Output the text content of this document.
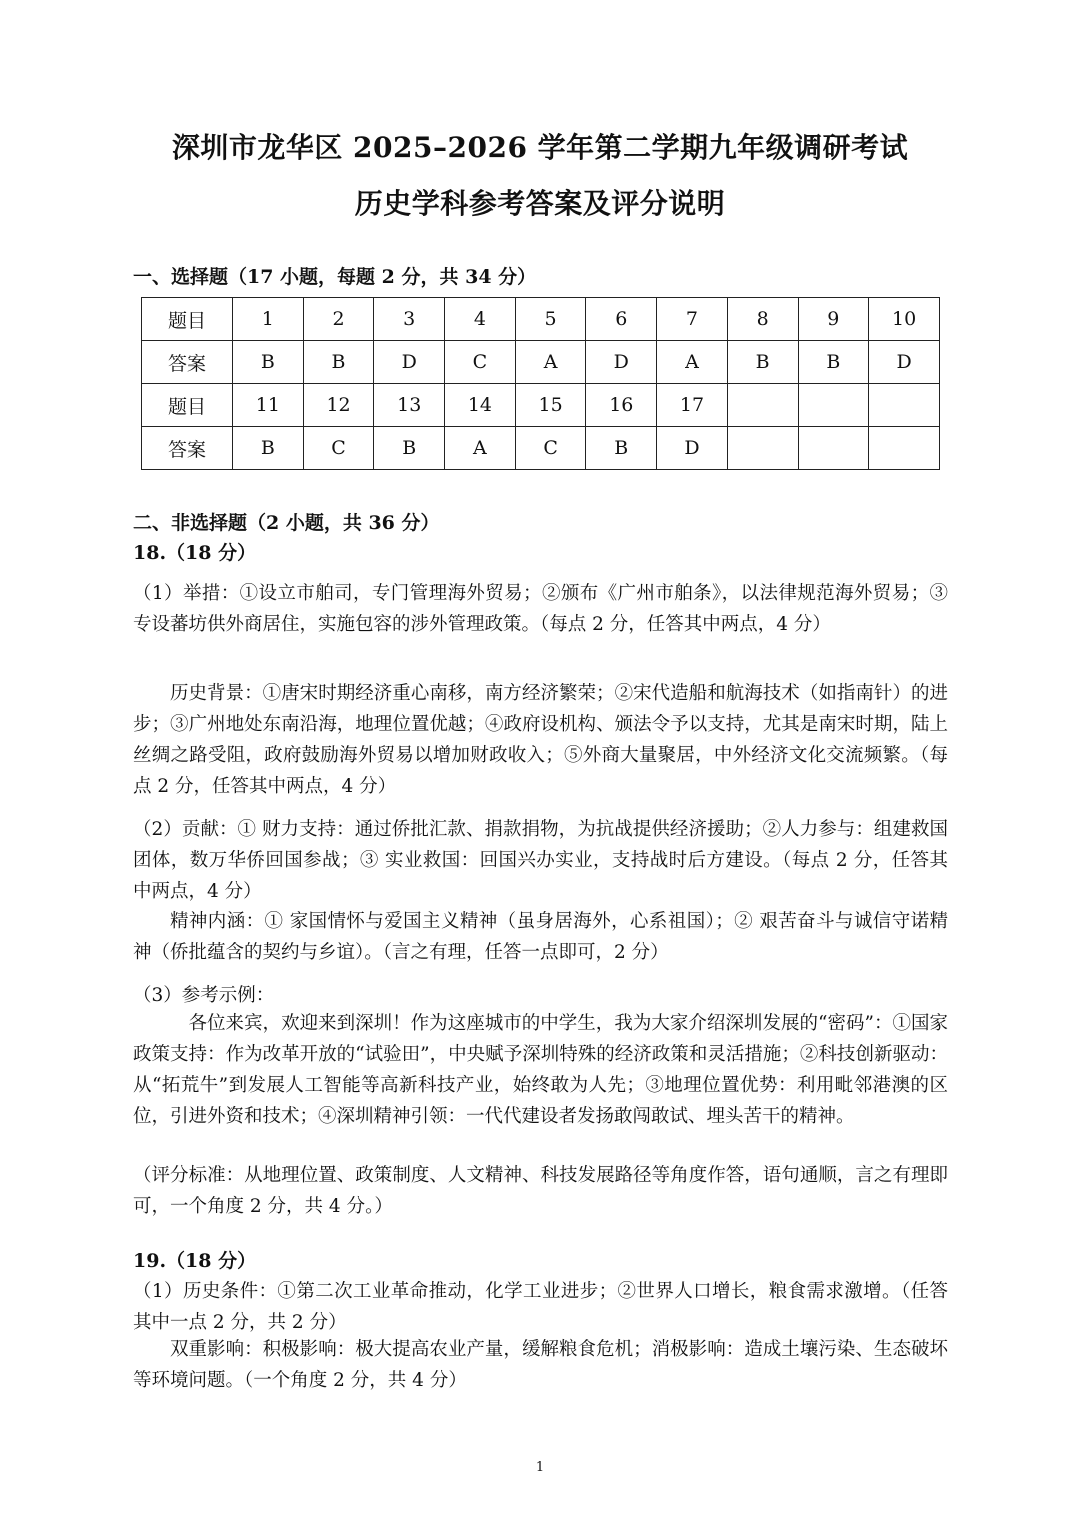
深圳市龙华区 2025–2026 学年第二学期九年级调研考试
历史学科参考答案及评分说明
一、选择题（17 小题，每题 2 分，共 34 分）
题目	1	2	3	4	5	6	7	8	9	10
答案	B	B	D	C	A	D	A	B	B	D
题目	11	12	13	14	15	16	17			
答案	B	C	B	A	C	B	D			
二、非选择题（2 小题，共 36 分）
18.（18 分）
（1）举措：①设立市舶司，专门管理海外贸易；②颁布《广州市舶条》，以法律规范海外贸易；③专设蕃坊供外商居住，实施包容的涉外管理政策。（每点 2 分，任答其中两点，4 分）
历史背景：①唐宋时期经济重心南移，南方经济繁荣；②宋代造船和航海技术（如指南针）的进步；③广州地处东南沿海，地理位置优越；④政府设机构、颁法令予以支持，尤其是南宋时期，陆上丝绸之路受阻，政府鼓励海外贸易以增加财政收入；⑤外商大量聚居，中外经济文化交流频繁。（每点 2 分，任答其中两点，4 分）
（2）贡献：① 财力支持：通过侨批汇款、捐款捐物，为抗战提供经济援助；②人力参与：组建救国团体，数万华侨回国参战；③ 实业救国：回国兴办实业，支持战时后方建设。（每点 2 分，任答其中两点，4 分）
精神内涵：① 家国情怀与爱国主义精神（虽身居海外，心系祖国）；② 艰苦奋斗与诚信守诺精神（侨批蕴含的契约与乡谊）。（言之有理，任答一点即可，2 分）
（3）参考示例：
各位来宾，欢迎来到深圳！作为这座城市的中学生，我为大家介绍深圳发展的“密码”：①国家政策支持：作为改革开放的“试验田”，中央赋予深圳特殊的经济政策和灵活措施；②科技创新驱动：从“拓荒牛”到发展人工智能等高新科技产业，始终敢为人先；③地理位置优势：利用毗邻港澳的区位，引进外资和技术；④深圳精神引领：一代代建设者发扬敢闯敢试、埋头苦干的精神。
（评分标准：从地理位置、政策制度、人文精神、科技发展路径等角度作答，语句通顺，言之有理即可，一个角度 2 分，共 4 分。）
19.（18 分）
（1）历史条件：①第二次工业革命推动，化学工业进步；②世界人口增长，粮食需求激增。（任答其中一点 2 分，共 2 分）
双重影响：积极影响：极大提高农业产量，缓解粮食危机；消极影响：造成土壤污染、生态破坏等环境问题。（一个角度 2 分，共 4 分）
1
